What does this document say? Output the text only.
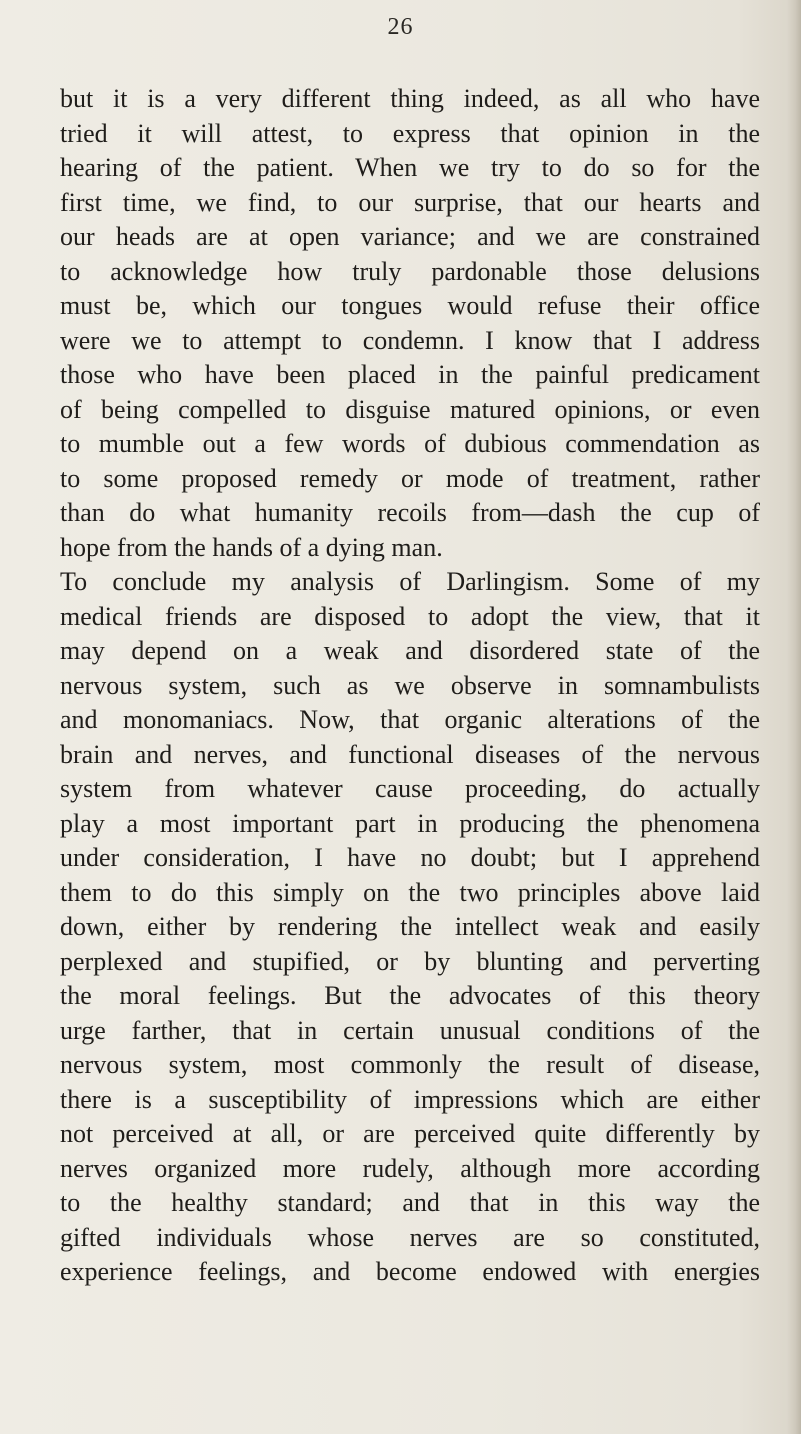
26
but it is a very different thing indeed, as all who have
tried it will attest, to express that opinion in the
hearing of the patient. When we try to do so for the
first time, we find, to our surprise, that our hearts and
our heads are at open variance; and we are constrained
to acknowledge how truly pardonable those delusions
must be, which our tongues would refuse their office
were we to attempt to condemn. I know that I address
those who have been placed in the painful predicament
of being compelled to disguise matured opinions, or even
to mumble out a few words of dubious commendation as
to some proposed remedy or mode of treatment, rather
than do what humanity recoils from—dash the cup of
hope from the hands of a dying man.
To conclude my analysis of Darlingism. Some of my
medical friends are disposed to adopt the view, that it
may depend on a weak and disordered state of the
nervous system, such as we observe in somnambulists
and monomaniacs. Now, that organic alterations of the
brain and nerves, and functional diseases of the nervous
system from whatever cause proceeding, do actually
play a most important part in producing the phenomena
under consideration, I have no doubt; but I apprehend
them to do this simply on the two principles above laid
down, either by rendering the intellect weak and easily
perplexed and stupified, or by blunting and perverting
the moral feelings. But the advocates of this theory
urge farther, that in certain unusual conditions of the
nervous system, most commonly the result of disease,
there is a susceptibility of impressions which are either
not perceived at all, or are perceived quite differently by
nerves organized more rudely, although more according
to the healthy standard; and that in this way the
gifted individuals whose nerves are so constituted,
experience feelings, and become endowed with energies
